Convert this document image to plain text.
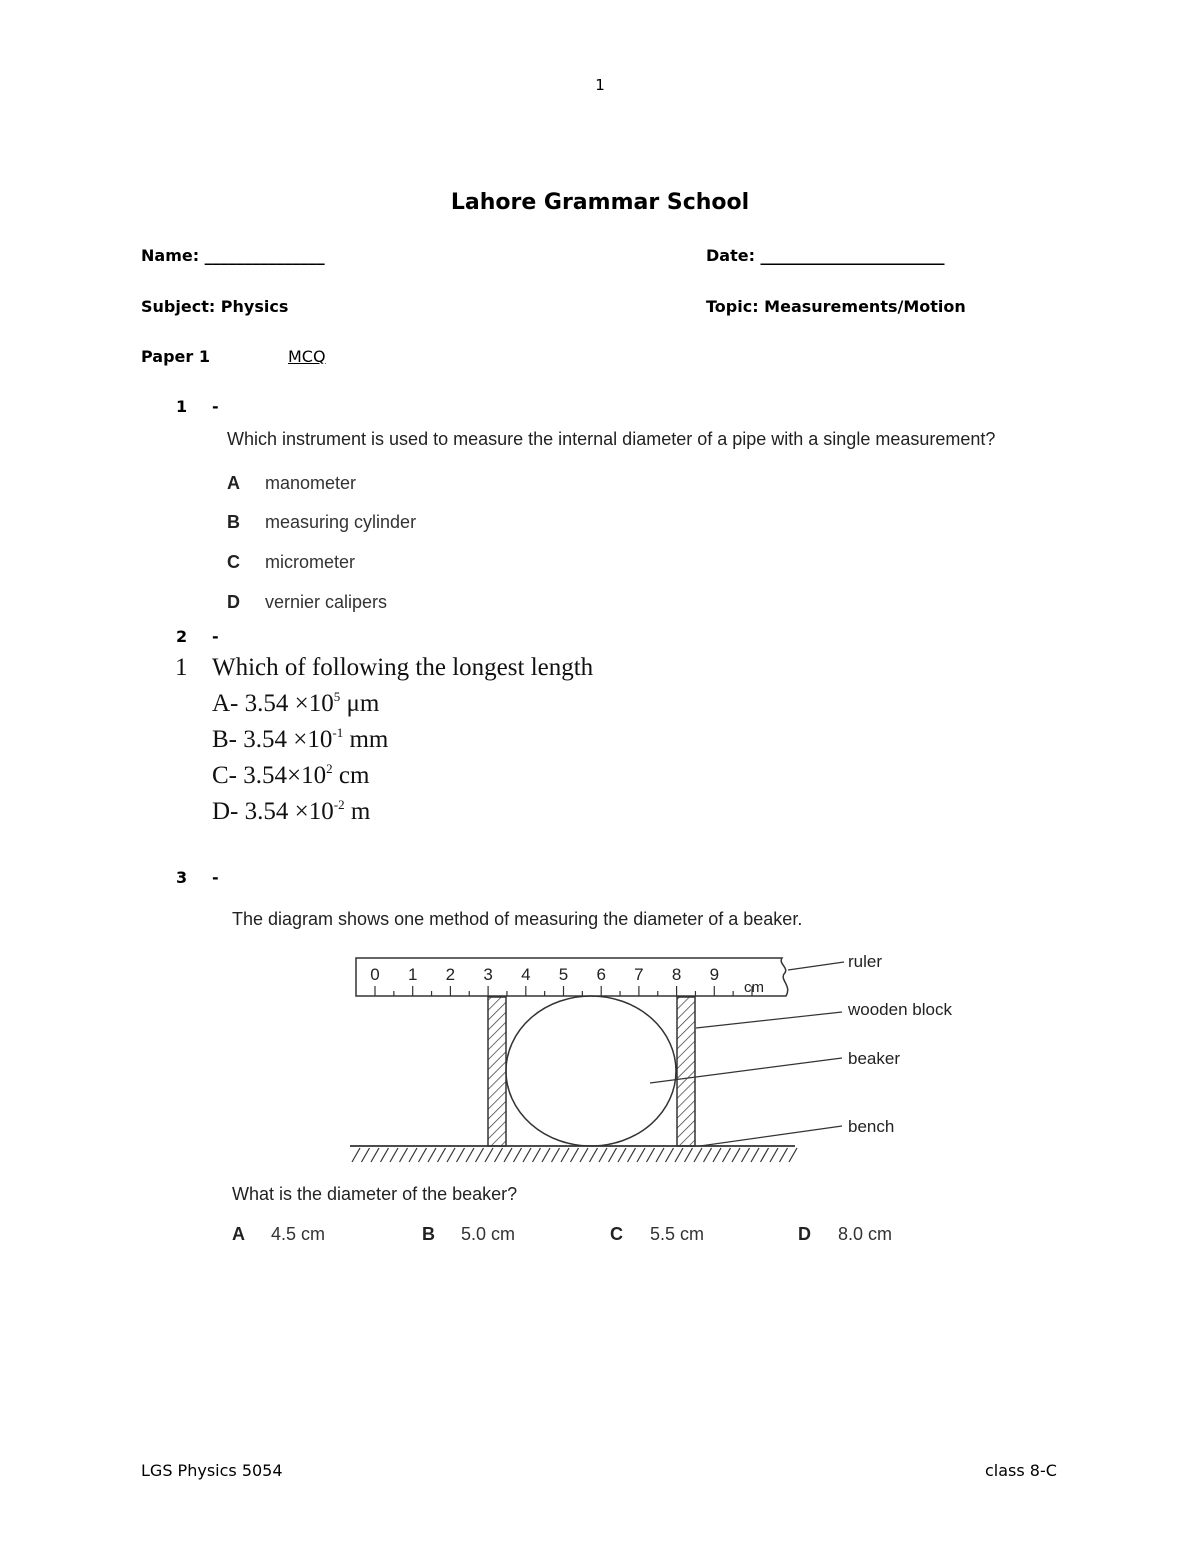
1
Lahore Grammar School
Name: _______________	Date: _______________________
Subject: Physics	Topic: Measurements/Motion
Paper 1	MCQ
1 -
Which instrument is used to measure the internal diameter of a pipe with a single measurement?
A manometer
B measuring cylinder
C micrometer
D vernier calipers
2 -
1 Which of following the longest length
A- $3.54 \times 10^5$ μm
B- $3.54 \times 10^{-1}$ mm
C- $3.54\times 10^2$ cm
D- $3.54 \times 10^{-2}$ m
3 -
The diagram shows one method of measuring the diameter of a beaker.
0 1 2 3 4 5 6 7 8 9
cm
ruler
wooden block
beaker
bench
What is the diameter of the beaker?
A 4.5 cm	B 5.0 cm	C 5.5 cm	D 8.0 cm
LGS Physics 5054	class 8-C
